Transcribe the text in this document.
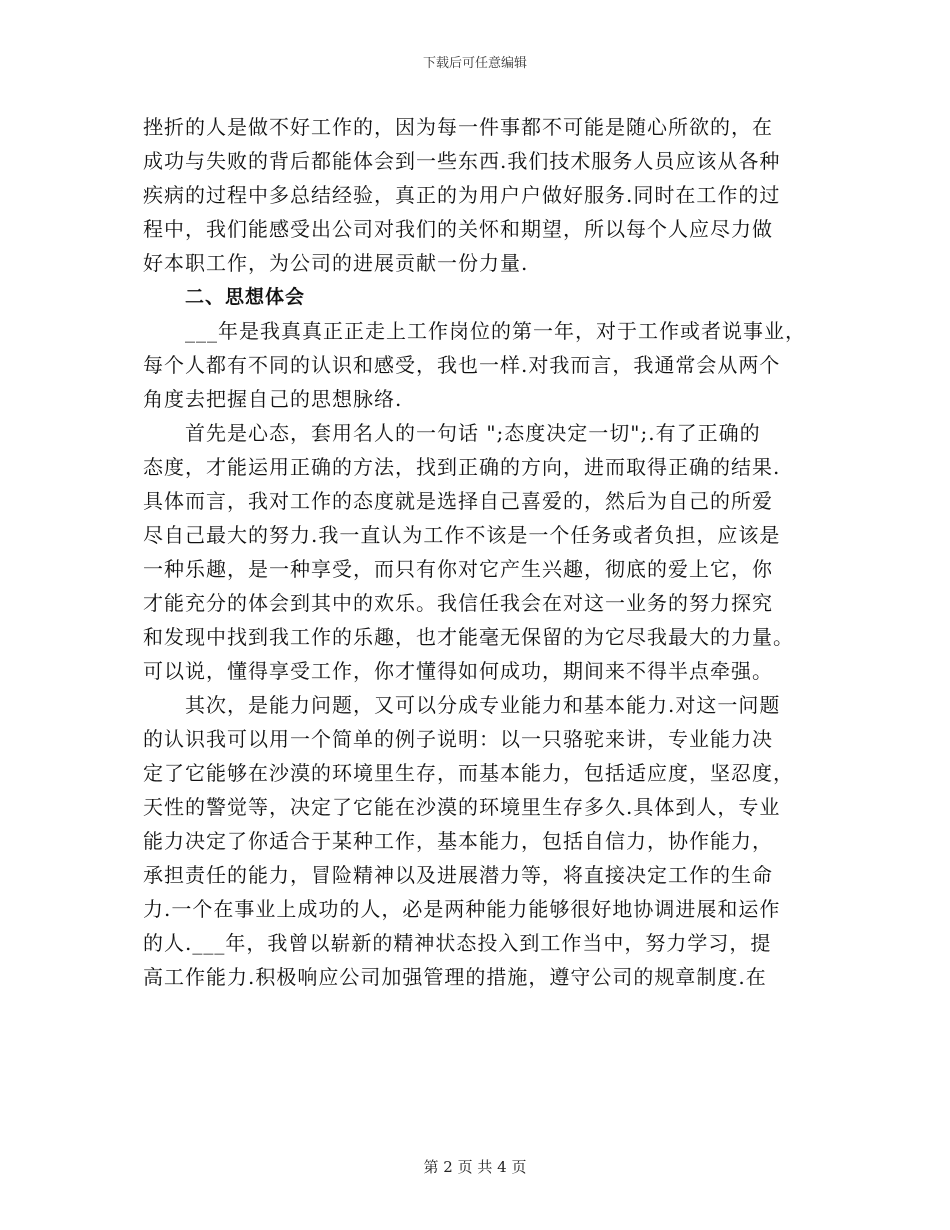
下载后可任意编辑
挫折的人是做不好工作的，因为每一件事都不可能是随心所欲的，在
成功与失败的背后都能体会到一些东西.我们技术服务人员应该从各种
疾病的过程中多总结经验，真正的为用户户做好服务.同时在工作的过
程中，我们能感受出公司对我们的关怀和期望，所以每个人应尽力做
好本职工作，为公司的进展贡献一份力量.
二、思想体会
___年是我真真正正走上工作岗位的第一年，对于工作或者说事业，
每个人都有不同的认识和感受，我也一样.对我而言，我通常会从两个
角度去把握自己的思想脉络.
首先是心态，套用名人的一句话 ";态度决定一切";.有了正确的
态度，才能运用正确的方法，找到正确的方向，进而取得正确的结果.
具体而言，我对工作的态度就是选择自己喜爱的，然后为自己的所爱
尽自己最大的努力.我一直认为工作不该是一个任务或者负担，应该是
一种乐趣，是一种享受，而只有你对它产生兴趣，彻底的爱上它，你
才能充分的体会到其中的欢乐。我信任我会在对这一业务的努力探究
和发现中找到我工作的乐趣，也才能毫无保留的为它尽我最大的力量。
可以说，懂得享受工作，你才懂得如何成功，期间来不得半点牵强。
其次，是能力问题，又可以分成专业能力和基本能力.对这一问题
的认识我可以用一个简单的例子说明：以一只骆驼来讲，专业能力决
定了它能够在沙漠的环境里生存，而基本能力，包括适应度，坚忍度，
天性的警觉等，决定了它能在沙漠的环境里生存多久.具体到人，专业
能力决定了你适合于某种工作，基本能力，包括自信力，协作能力，
承担责任的能力，冒险精神以及进展潜力等，将直接决定工作的生命
力.一个在事业上成功的人，必是两种能力能够很好地协调进展和运作
的人.___年，我曾以崭新的精神状态投入到工作当中，努力学习，提
高工作能力.积极响应公司加强管理的措施，遵守公司的规章制度.在
第 2 页 共 4 页
